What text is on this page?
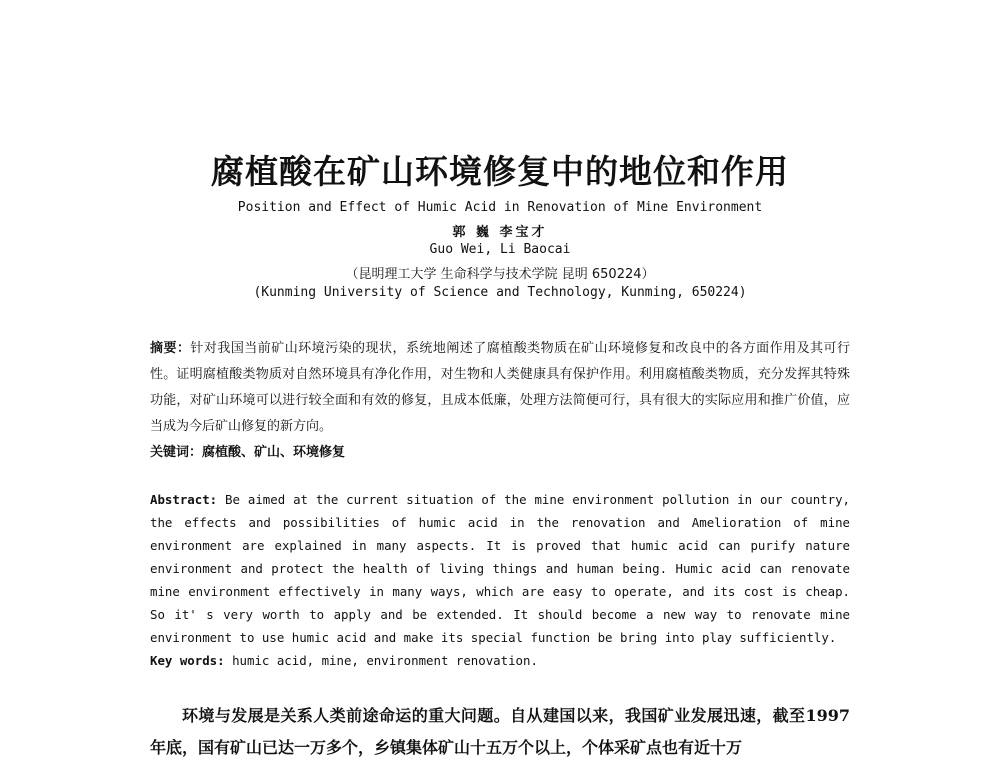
腐植酸在矿山环境修复中的地位和作用
Position and Effect of Humic Acid in Renovation of Mine Environment
郭 巍 李宝才
Guo Wei, Li Baocai
（昆明理工大学 生命科学与技术学院 昆明 650224）
(Kunming University of Science and Technology, Kunming, 650224)
摘要：针对我国当前矿山环境污染的现状，系统地阐述了腐植酸类物质在矿山环境修复和改良中的各方面作用及其可行性。证明腐植酸类物质对自然环境具有净化作用，对生物和人类健康具有保护作用。利用腐植酸类物质，充分发挥其特殊功能，对矿山环境可以进行较全面和有效的修复，且成本低廉，处理方法简便可行，具有很大的实际应用和推广价值，应当成为今后矿山修复的新方向。
关键词：腐植酸、矿山、环境修复
Abstract: Be aimed at the current situation of the mine environment pollution in our country, the effects and possibilities of humic acid in the renovation and Amelioration of mine environment are explained in many aspects. It is proved that humic acid can purify nature environment and protect the health of living things and human being. Humic acid can renovate mine environment effectively in many ways, which are easy to operate, and its cost is cheap. So it' s very worth to apply and be extended. It should become a new way to renovate mine environment to use humic acid and make its special function be bring into play sufficiently.
Key words: humic acid, mine, environment renovation.
环境与发展是关系人类前途命运的重大问题。自从建国以来，我国矿业发展迅速，截至1997 年底，国有矿山已达一万多个，乡镇集体矿山十五万个以上，个体采矿点也有近十万
